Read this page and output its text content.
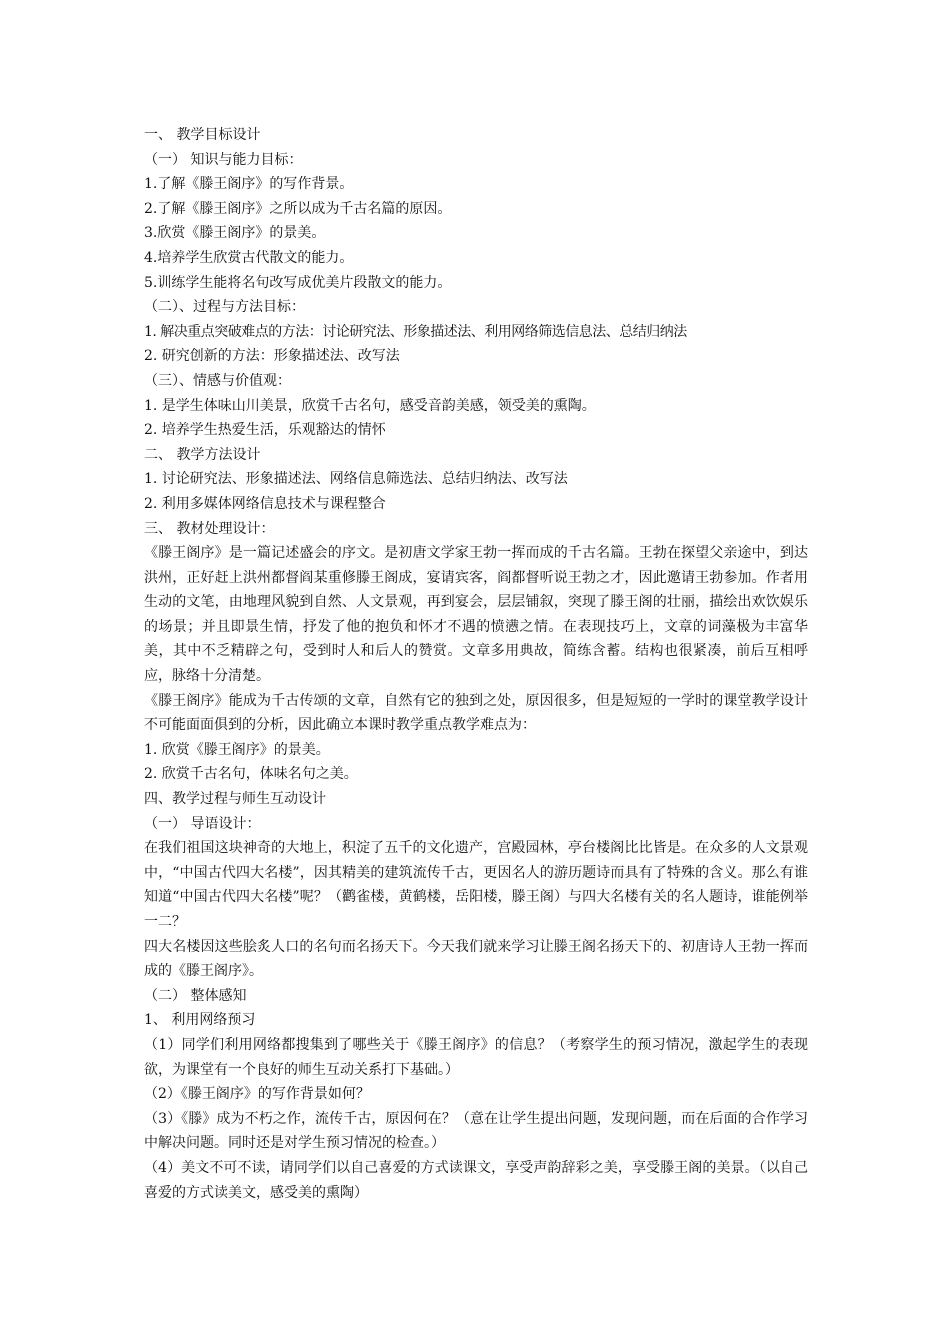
一、 教学目标设计
（一） 知识与能力目标：
1.了解《滕王阁序》的写作背景。
2.了解《滕王阁序》之所以成为千古名篇的原因。
3.欣赏《滕王阁序》的景美。
4.培养学生欣赏古代散文的能力。
5.训练学生能将名句改写成优美片段散文的能力。
（二）、过程与方法目标：
1. 解决重点突破难点的方法：讨论研究法、形象描述法、利用网络筛选信息法、总结归纳法
2. 研究创新的方法：形象描述法、改写法
（三）、情感与价值观：
1. 是学生体味山川美景，欣赏千古名句，感受音韵美感，领受美的熏陶。
2. 培养学生热爱生活，乐观豁达的情怀
二、 教学方法设计
1. 讨论研究法、形象描述法、网络信息筛选法、总结归纳法、改写法
2. 利用多媒体网络信息技术与课程整合
三、 教材处理设计：
《滕王阁序》是一篇记述盛会的序文。是初唐文学家王勃一挥而成的千古名篇。王勃在探望父亲途中，到达洪州，正好赶上洪州都督阎某重修滕王阁成，宴请宾客，阎都督听说王勃之才，因此邀请王勃参加。作者用生动的文笔，由地理风貌到自然、人文景观，再到宴会，层层铺叙，突现了滕王阁的壮丽，描绘出欢饮娱乐的场景；并且即景生情，抒发了他的抱负和怀才不遇的愤懑之情。在表现技巧上，文章的词藻极为丰富华美，其中不乏精辟之句，受到时人和后人的赞赏。文章多用典故，简练含蓄。结构也很紧凑，前后互相呼应，脉络十分清楚。
《滕王阁序》能成为千古传颂的文章，自然有它的独到之处，原因很多，但是短短的一学时的课堂教学设计不可能面面俱到的分析，因此确立本课时教学重点教学难点为：
1. 欣赏《滕王阁序》的景美。
2. 欣赏千古名句，体味名句之美。
四、教学过程与师生互动设计
（一） 导语设计：
在我们祖国这块神奇的大地上，积淀了五千的文化遗产，宫殿园林，亭台楼阁比比皆是。在众多的人文景观中，“中国古代四大名楼”，因其精美的建筑流传千古，更因名人的游历题诗而具有了特殊的含义。那么有谁知道“中国古代四大名楼”呢？（鹳雀楼，黄鹤楼，岳阳楼，滕王阁）与四大名楼有关的名人题诗，谁能例举一二？
四大名楼因这些脍炙人口的名句而名扬天下。今天我们就来学习让滕王阁名扬天下的、初唐诗人王勃一挥而成的《滕王阁序》。
（二） 整体感知
1、 利用网络预习
（1）同学们利用网络都搜集到了哪些关于《滕王阁序》的信息？（考察学生的预习情况，激起学生的表现欲，为课堂有一个良好的师生互动关系打下基础。）
（2）《滕王阁序》的写作背景如何？
（3）《滕》成为不朽之作，流传千古，原因何在？（意在让学生提出问题，发现问题，而在后面的合作学习中解决问题。同时还是对学生预习情况的检查。）
（4）美文不可不读，请同学们以自己喜爱的方式读课文，享受声韵辞彩之美，享受滕王阁的美景。（以自己喜爱的方式读美文，感受美的熏陶）
